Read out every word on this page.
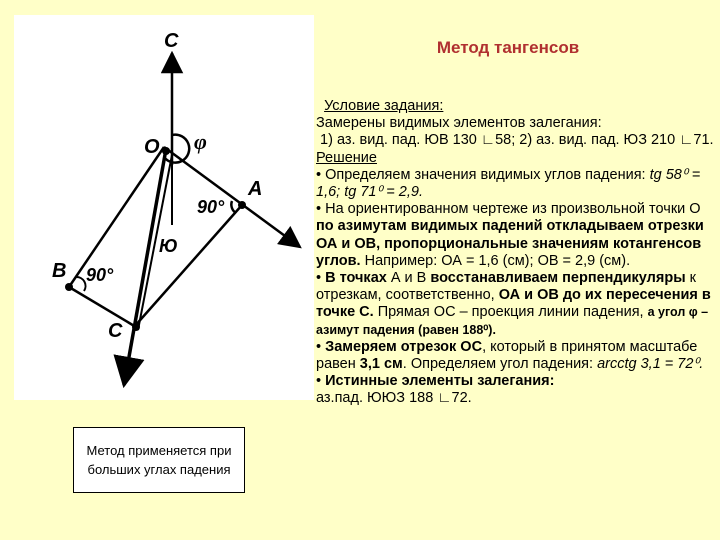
С
О φ
А
В
С
Ю
90°
90°
Метод применяется при больших углах падения
Метод тангенсов

Условие задания:

Замерены видимых элементов залегания:

1) аз. вид. пад. ЮВ 130 ∟58; 2) аз. вид. пад. ЮЗ 210 ∟71.

Решение

• Определяем значения видимых углов падения: tg 58⁰ = 1,6; tg 71⁰ = 2,9.

• На ориентированном чертеже из произвольной точки О по азимутам видимых падений откладываем отрезки ОА и ОВ, пропорциональные значениям котангенсов углов. Например: ОА = 1,6 (см); ОВ = 2,9 (см).

• В точках А и В восстанавливаем перпендикуляры к отрезкам, соответственно, ОА и ОВ до их пересечения в точке С. Прямая ОС – проекция линии падения, а угол φ – азимут падения (равен 188⁰).

• Замеряем отрезок ОС, который в принятом масштабе равен 3,1 см. Определяем угол падения: arcctg 3,1 = 72⁰.

• Истинные элементы залегания:

аз.пад. ЮЮЗ 188 ∟72.
